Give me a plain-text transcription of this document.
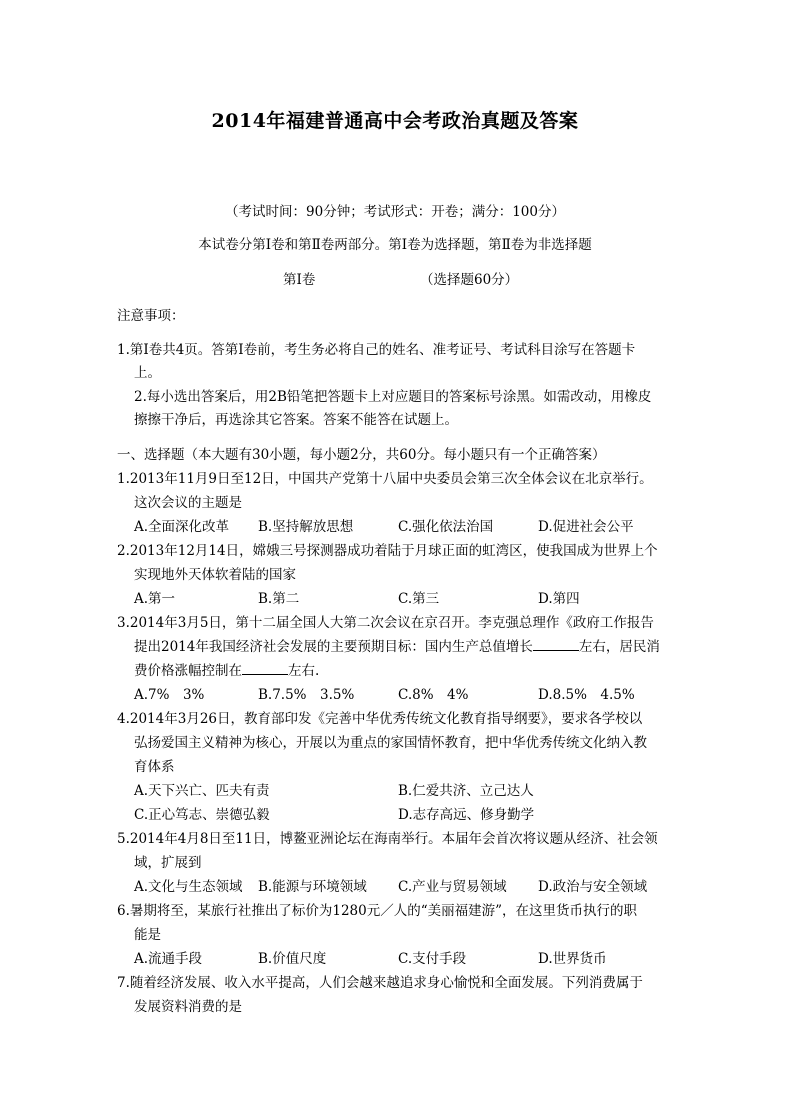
2014年福建普通高中会考政治真题及答案
（考试时间：90分钟；考试形式：开卷；满分：100分）
本试卷分第Ⅰ卷和第Ⅱ卷两部分。第Ⅰ卷为选择题，第Ⅱ卷为非选择题
第Ⅰ卷	（选择题60分）
注意事项：
1.第Ⅰ卷共4页。答第Ⅰ卷前，考生务必将自己的姓名、准考证号、考试科目涂写在答题卡
上。
2.每小选出答案后，用2B铅笔把答题卡上对应题目的答案标号涂黑。如需改动，用橡皮
擦擦干净后，再选涂其它答案。答案不能答在试题上。
一、选择题（本大题有30小题，每小题2分，共60分。每小题只有一个正确答案）
1.2013年11月9日至12日，中国共产党第十八届中央委员会第三次全体会议在北京举行。
这次会议的主题是
A.全面深化改革 B.坚持解放思想	C.强化依法治国	D.促进社会公平
2.2013年12月14日，嫦娥三号探测器成功着陆于月球正面的虹湾区，使我国成为世界上个
实现地外天体软着陆的国家
A.第一	B.第二	C.第三	D.第四
3.2014年3月5日，第十二届全国人大第二次会议在京召开。李克强总理作《政府工作报告
提出2014年我国经济社会发展的主要预期目标：国内生产总值增长	左右，居民消
费价格涨幅控制在	左右.
A.7%　3%	B.7.5%　3.5%	C.8%　4%	D.8.5%　4.5%
4.2014年3月26日，教育部印发《完善中华优秀传统文化教育指导纲要》，要求各学校以
弘扬爱国主义精神为核心，开展以为重点的家国情怀教育，把中华优秀传统文化纳入教
育体系
A.天下兴亡、匹夫有责	B.仁爱共济、立己达人
C.正心笃志、崇德弘毅	D.志存高远、修身勤学
5.2014年4月8日至11日，博鳌亚洲论坛在海南举行。本届年会首次将议题从经济、社会领
域，扩展到
A.文化与生态领域 B.能源与环境领域 C.产业与贸易领域 D.政治与安全领域
6.暑期将至，某旅行社推出了标价为1280元／人的“美丽福建游”，在这里货币执行的职
能是
A.流通手段	B.价值尺度	C.支付手段	D.世界货币
7.随着经济发展、收入水平提高，人们会越来越追求身心愉悦和全面发展。下列消费属于
发展资料消费的是
